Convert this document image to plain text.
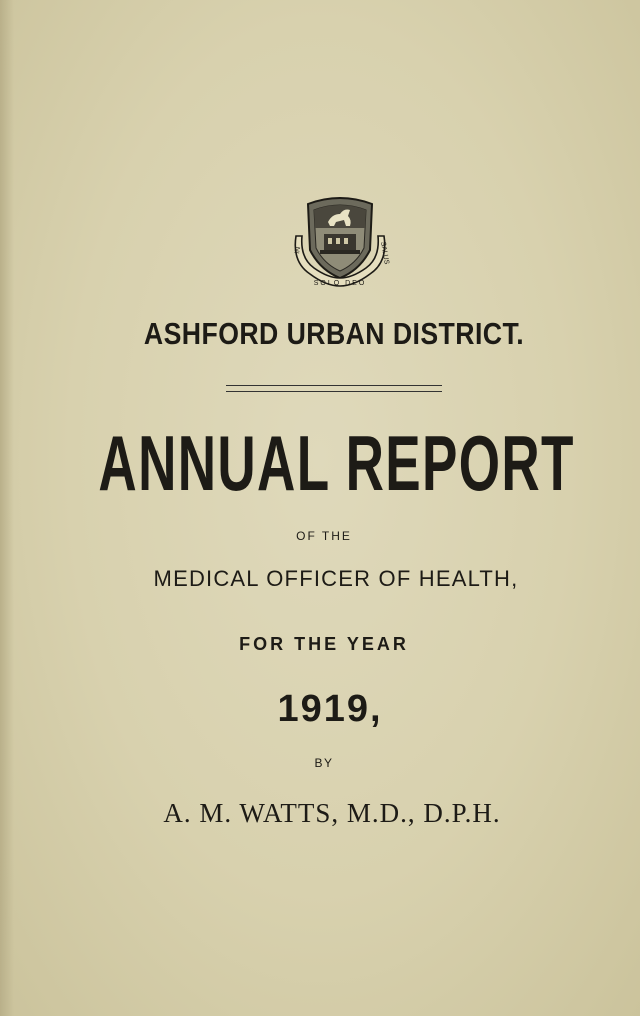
IN
SOLO DEO
SALUS
ASHFORD URBAN DISTRICT.
ANNUAL REPORT
OF THE
MEDICAL OFFICER OF HEALTH,
FOR THE YEAR
1919,
BY
A. M. WATTS, M.D., D.P.H.
